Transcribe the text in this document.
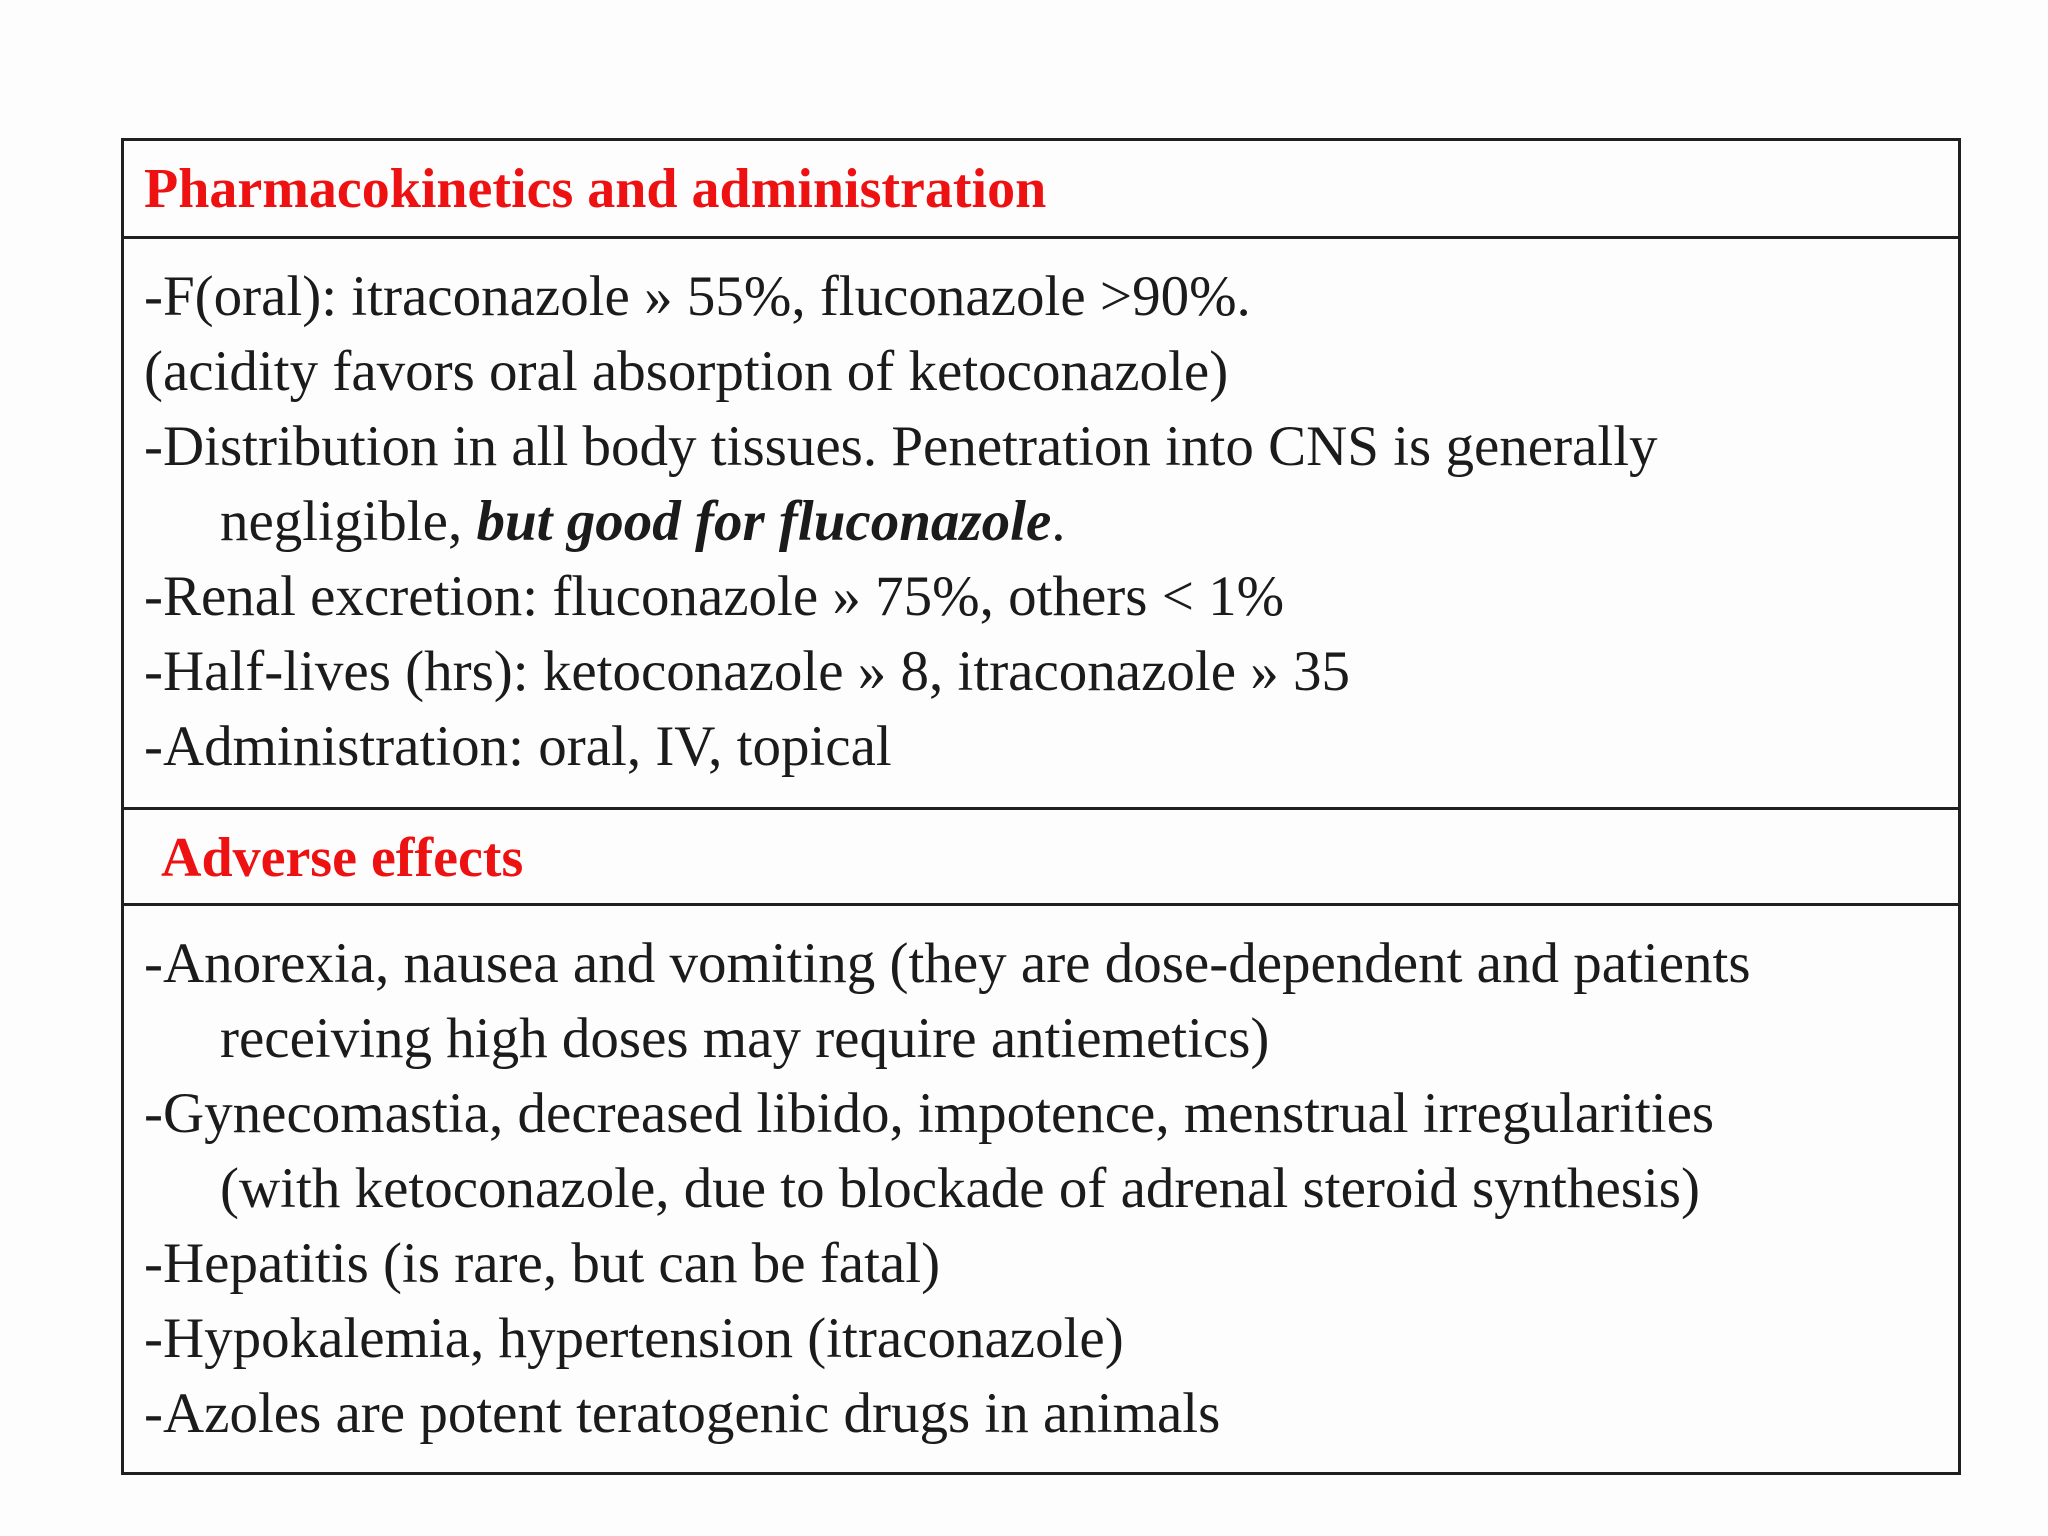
Pharmacokinetics and administration
-F(oral): itraconazole » 55%, fluconazole >90%.
(acidity favors oral absorption of ketoconazole)
-Distribution in all body tissues. Penetration into CNS is generally
negligible, but good for fluconazole.
-Renal excretion: fluconazole » 75%, others < 1%
-Half-lives (hrs): ketoconazole » 8, itraconazole » 35
-Administration: oral, IV, topical
Adverse effects
-Anorexia, nausea and vomiting (they are dose-dependent and patients
receiving high doses may require antiemetics)
-Gynecomastia, decreased libido, impotence, menstrual irregularities
(with ketoconazole, due to blockade of adrenal steroid synthesis)
-Hepatitis (is rare, but can be fatal)
-Hypokalemia, hypertension (itraconazole)
-Azoles are potent teratogenic drugs in animals
